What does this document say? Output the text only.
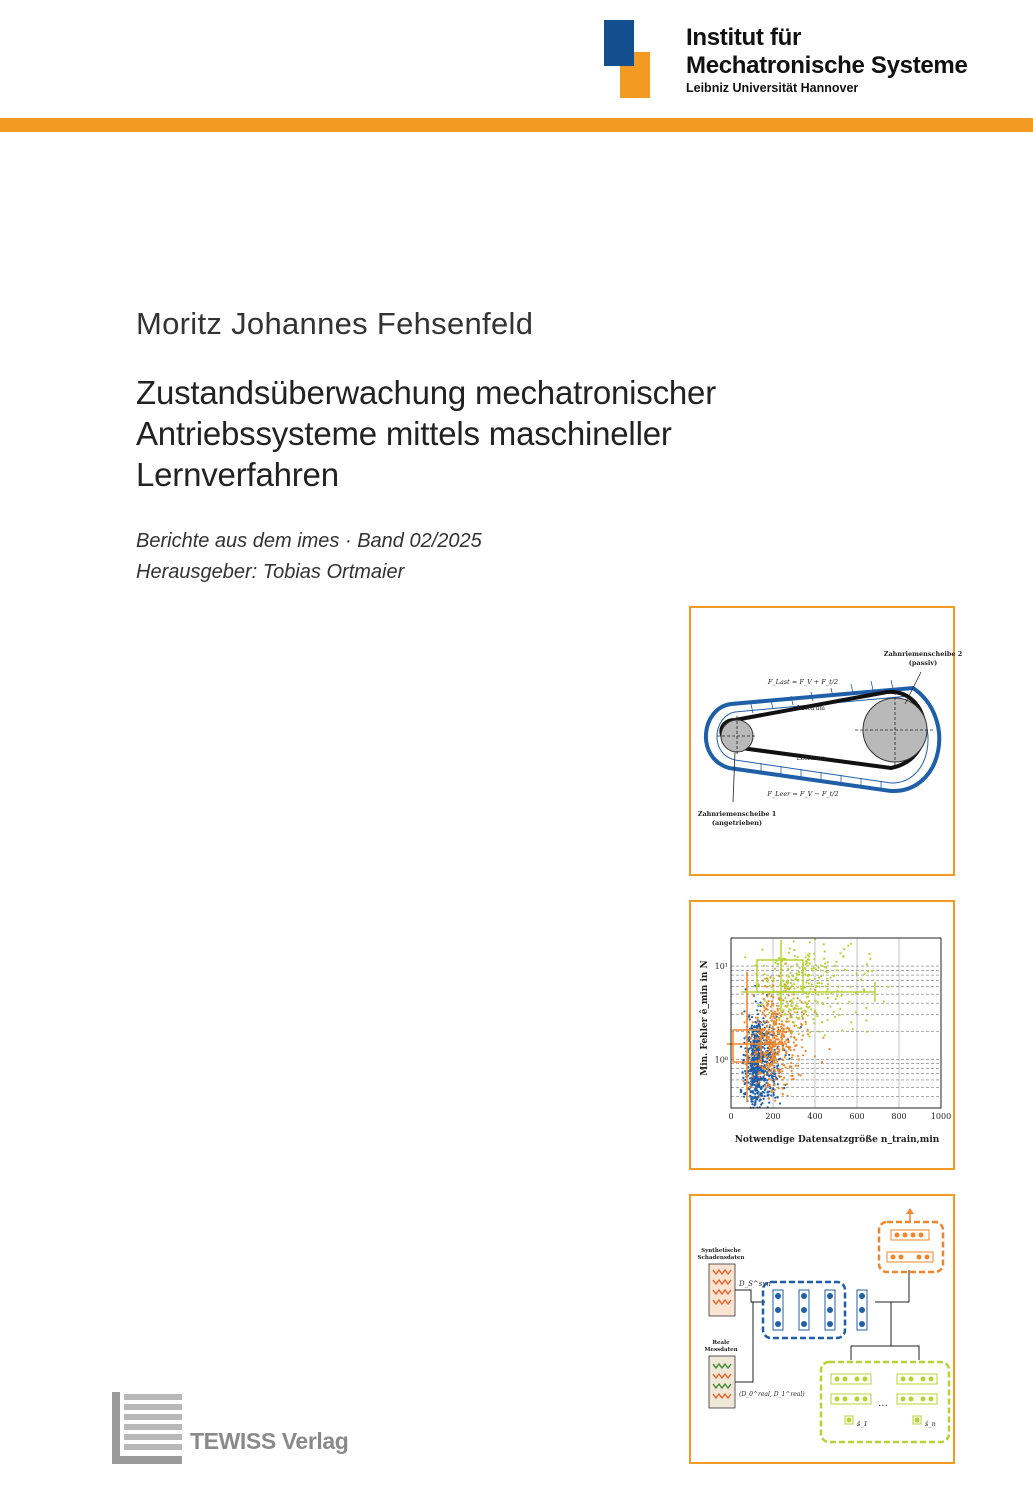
Institut für
Mechatronische Systeme
Leibniz Universität Hannover
Moritz Johannes Fehsenfeld
Zustandsüberwachung mechatronischer
Antriebssysteme mittels maschineller
Lernverfahren
Berichte aus dem imes · Band 02/2025
Herausgeber: Tobias Ortmaier
Zahnriemenscheibe 2
(passiv)
Zahnriemenscheibe 1
(angetrieben)
Lasttrum
Leertrum
F_Last = F_V + F_t/2
F_Leer = F_V − F_t/2
0	200	400	600	800	1000
10⁰
10¹
Notwendige Datensatzgröße n_train,min
Min. Fehler ê_min in N
Synthetische
Schadensdaten
Reale
Messdaten
D_S^syn
(D_0^real, D_1^real)
…
ŝ_1	ŝ_n
TEWISS Verlag
